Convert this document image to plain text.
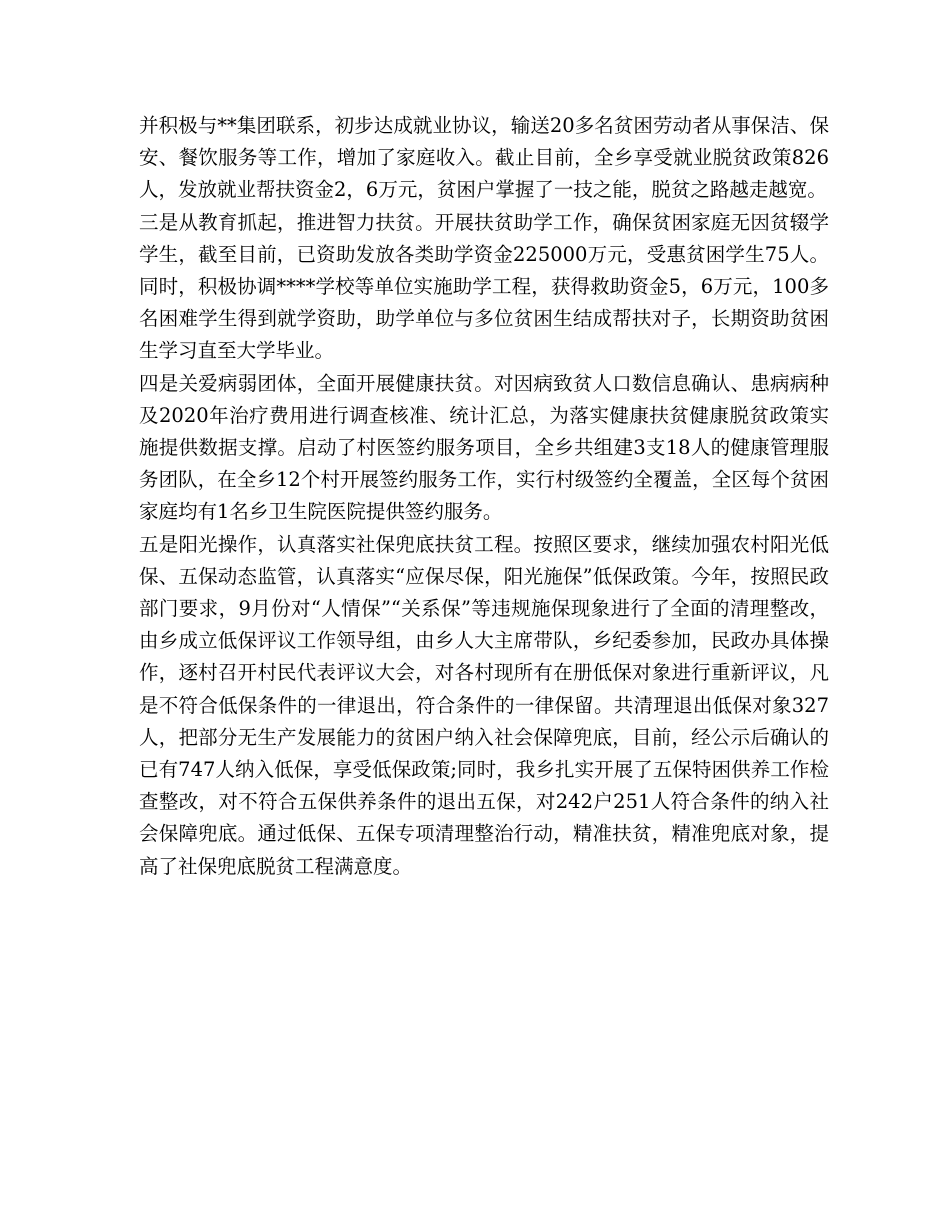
并积极与**集团联系，初步达成就业协议，输送20多名贫困劳动者从事保洁、保安、餐饮服务等工作，增加了家庭收入。截止目前，全乡享受就业脱贫政策826人，发放就业帮扶资金2，6万元，贫困户掌握了一技之能，脱贫之路越走越宽。

三是从教育抓起，推进智力扶贫。开展扶贫助学工作，确保贫困家庭无因贫辍学学生，截至目前，已资助发放各类助学资金225000万元，受惠贫困学生75人。同时，积极协调****学校等单位实施助学工程，获得救助资金5，6万元，100多名困难学生得到就学资助，助学单位与多位贫困生结成帮扶对子，长期资助贫困生学习直至大学毕业。

四是关爱病弱团体，全面开展健康扶贫。对因病致贫人口数信息确认、患病病种及2020年治疗费用进行调查核准、统计汇总，为落实健康扶贫健康脱贫政策实施提供数据支撑。启动了村医签约服务项目，全乡共组建3支18人的健康管理服务团队，在全乡12个村开展签约服务工作，实行村级签约全覆盖，全区每个贫困家庭均有1名乡卫生院医院提供签约服务。

五是阳光操作，认真落实社保兜底扶贫工程。按照区要求，继续加强农村阳光低保、五保动态监管，认真落实“应保尽保，阳光施保”低保政策。今年，按照民政部门要求，9月份对“人情保”“关系保”等违规施保现象进行了全面的清理整改，由乡成立低保评议工作领导组，由乡人大主席带队，乡纪委参加，民政办具体操作，逐村召开村民代表评议大会，对各村现所有在册低保对象进行重新评议，凡是不符合低保条件的一律退出，符合条件的一律保留。共清理退出低保对象327人，把部分无生产发展能力的贫困户纳入社会保障兜底，目前，经公示后确认的已有747人纳入低保，享受低保政策;同时，我乡扎实开展了五保特困供养工作检查整改，对不符合五保供养条件的退出五保，对242户251人符合条件的纳入社会保障兜底。通过低保、五保专项清理整治行动，精准扶贫，精准兜底对象，提高了社保兜底脱贫工程满意度。
